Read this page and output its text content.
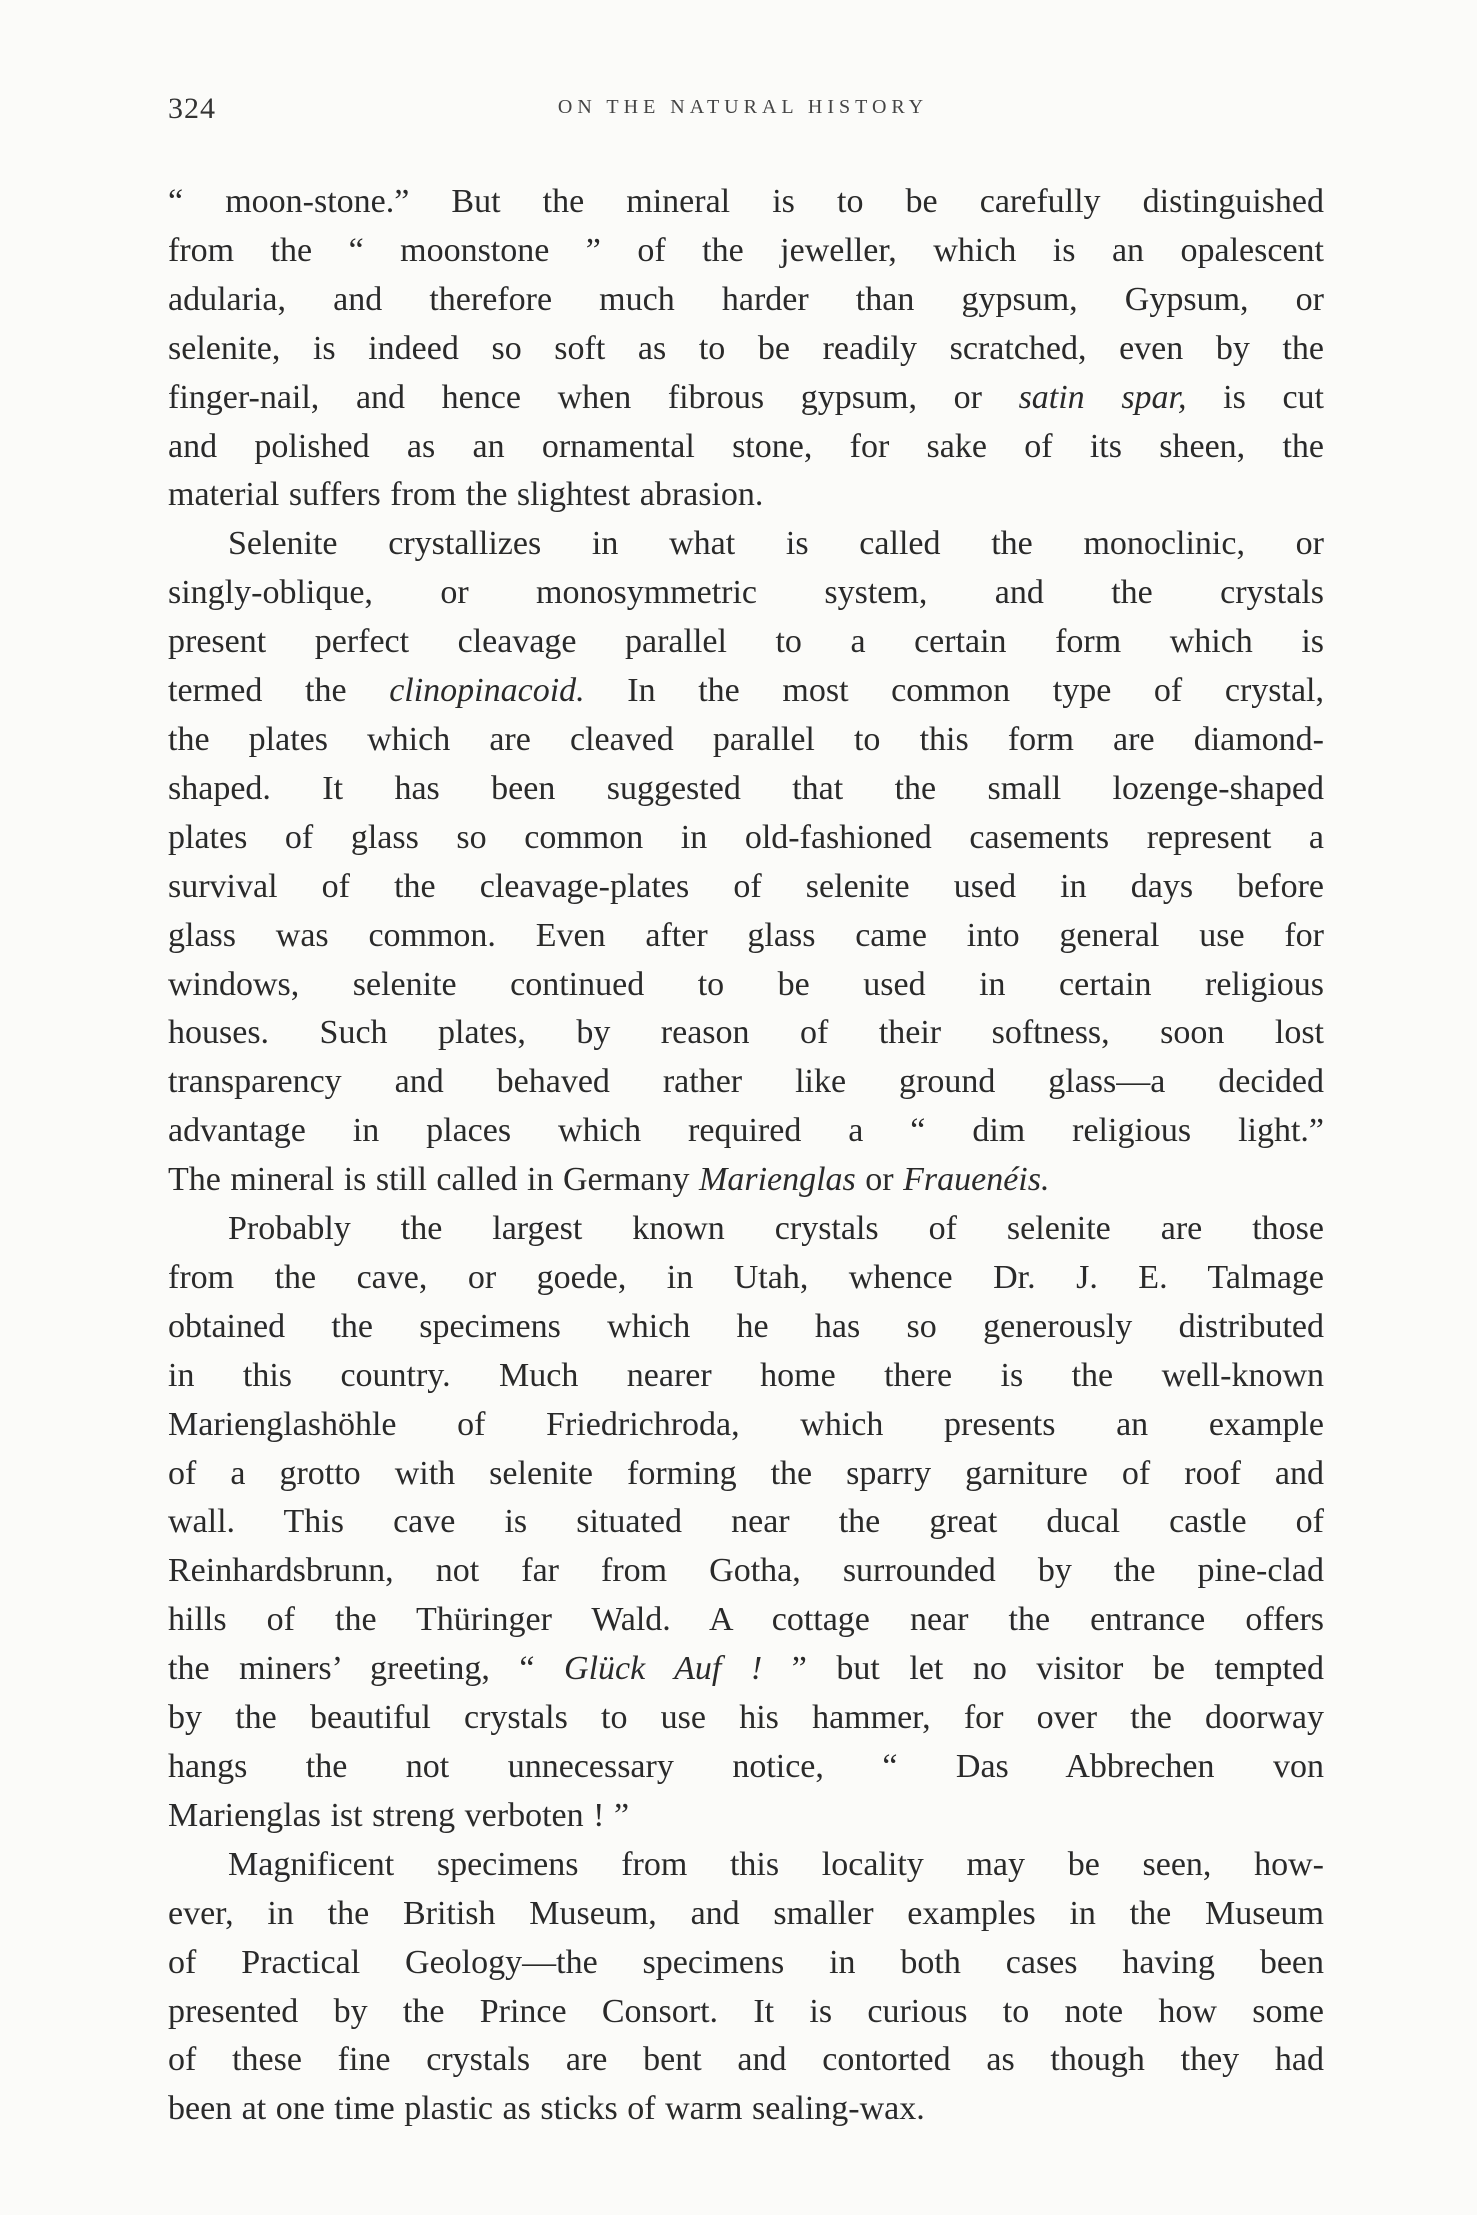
324	ON THE NATURAL HISTORY

“ moon-stone.” But the mineral is to be carefully distinguished
from the “ moonstone ” of the jeweller, which is an opalescent
adularia, and therefore much harder than gypsum, Gypsum, or
selenite, is indeed so soft as to be readily scratched, even by the
finger-nail, and hence when fibrous gypsum, or satin spar, is cut
and polished as an ornamental stone, for sake of its sheen, the
material suffers from the slightest abrasion.

Selenite crystallizes in what is called the monoclinic, or
singly-oblique, or monosymmetric system, and the crystals
present perfect cleavage parallel to a certain form which is
termed the clinopinacoid. In the most common type of crystal,
the plates which are cleaved parallel to this form are diamond-
shaped. It has been suggested that the small lozenge-shaped
plates of glass so common in old-fashioned casements represent a
survival of the cleavage-plates of selenite used in days before
glass was common. Even after glass came into general use for
windows, selenite continued to be used in certain religious
houses. Such plates, by reason of their softness, soon lost
transparency and behaved rather like ground glass—a decided
advantage in places which required a “ dim religious light.”
The mineral is still called in Germany Marienglas or Frauenéis.

Probably the largest known crystals of selenite are those
from the cave, or goede, in Utah, whence Dr. J. E. Talmage
obtained the specimens which he has so generously distributed
in this country. Much nearer home there is the well-known
Marienglashöhle of Friedrichroda, which presents an example
of a grotto with selenite forming the sparry garniture of roof and
wall. This cave is situated near the great ducal castle of
Reinhardsbrunn, not far from Gotha, surrounded by the pine-clad
hills of the Thüringer Wald. A cottage near the entrance offers
the miners’ greeting, “ Glück Auf ! ” but let no visitor be tempted
by the beautiful crystals to use his hammer, for over the doorway
hangs the not unnecessary notice, “ Das Abbrechen von
Marienglas ist streng verboten ! ”

Magnificent specimens from this locality may be seen, how-
ever, in the British Museum, and smaller examples in the Museum
of Practical Geology—the specimens in both cases having been
presented by the Prince Consort. It is curious to note how some
of these fine crystals are bent and contorted as though they had
been at one time plastic as sticks of warm sealing-wax.
